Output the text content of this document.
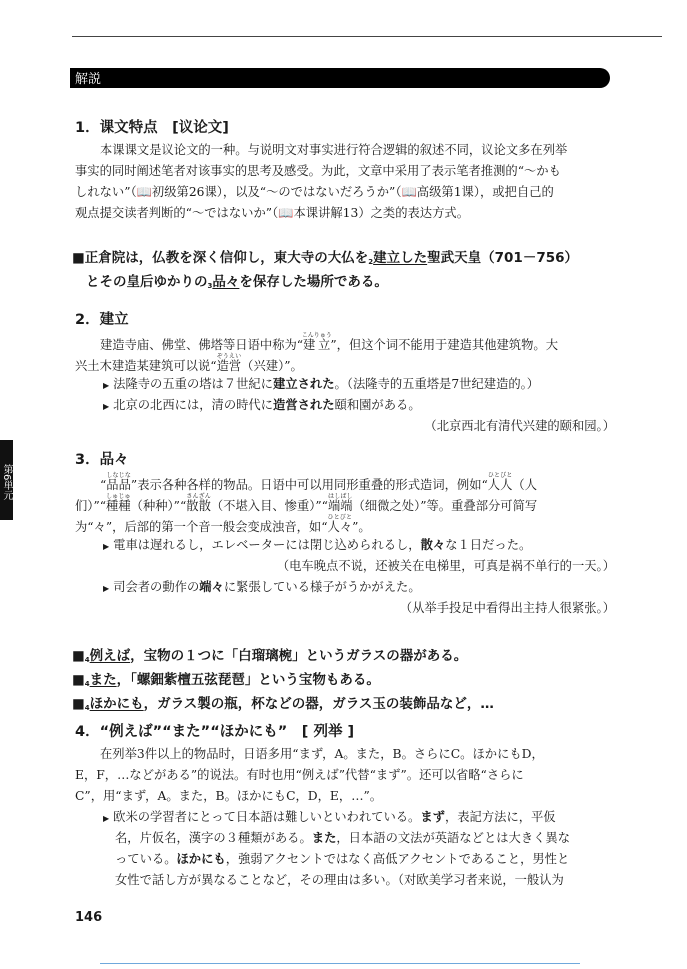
解説
1．课文特点　[议论文]
本课课文是议论文的一种。与说明文对事实进行符合逻辑的叙述不同，议论文多在列举
事实的同时阐述笔者对该事实的思考及感受。为此，文章中采用了表示笔者推测的“～かも
しれない”（📖初级第26课），以及“～のではないだろうか”（📖高级第1课），或把自己的
观点提交读者判断的“～ではないか”（📖本课讲解13）之类的表达方式。
■正倉院は，仏教を深く信仰し，東大寺の大仏を$_2$建立した聖武天皇（701－756）
とその皇后ゆかりの$_3$品々を保存した場所である。
2．建立
建造寺庙、佛堂、佛塔等日语中称为“建立こんりゅう”，但这个词不能用于建造其他建筑物。大
兴土木建造某建筑可以说“造営ぞうえい（兴建）”。
▶ 法隆寺の五重の塔は７世紀に建立された。（法隆寺的五重塔是7世纪建造的。）
▶ 北京の北西には，清の時代に造営された頤和園がある。
（北京西北有清代兴建的颐和园。）
3．品々
“品品しなじな”表示各种各样的物品。日语中可以用同形重叠的形式造词，例如“人人ひとびと（人
们）”“種種しゅじゅ（种种）”“散散さんざん（不堪入目、惨重）”“端端はしばし（细微之处）”等。重叠部分可简写
为“々”，后部的第一个音一般会变成浊音，如“人々ひとびと”。
▶ 電車は遅れるし，エレベーターには閉じ込められるし，散々な１日だった。
（电车晚点不说，还被关在电梯里，可真是祸不单行的一天。）
▶ 司会者の動作の端々に緊張している様子がうかがえた。
（从举手投足中看得出主持人很紧张。）
$■_4$例えば，宝物の１つに「白瑠璃椀」というガラスの器がある。
$■_4$また，「螺鈿紫檀五弦琵琶」という宝物もある。
$■_4$ほかにも，ガラス製の瓶，杯などの器，ガラス玉の装飾品など，…
4．“例えば”“また”“ほかにも”　[ 列举 ]
在列举3件以上的物品时，日语多用“まず，A。また，B。さらにC。ほかにもD，
E，F，…などがある”的说法。有时也用“例えば”代替“まず”。还可以省略“さらに
C”，用“まず，A。また，B。ほかにもC，D，E，…”。
▶ 欧米の学習者にとって日本語は難しいといわれている。まず，表記方法に，平仮
名，片仮名，漢字の３種類がある。また，日本語の文法が英語などとは大きく異な
っている。ほかにも，強弱アクセントではなく高低アクセントであること，男性と
女性で話し方が異なることなど，その理由は多い。（对欧美学习者来说，一般认为
第6単元
146
